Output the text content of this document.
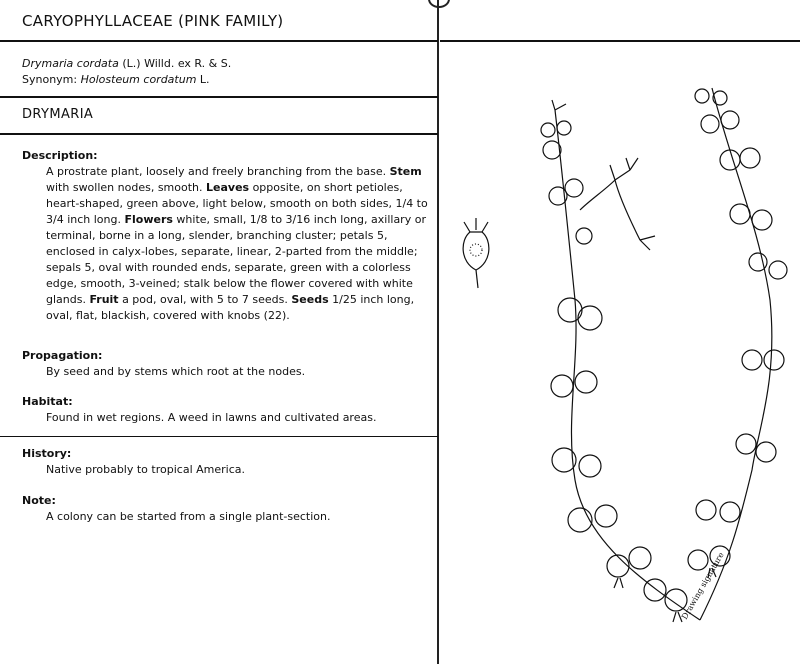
CARYOPHYLLACEAE (PINK FAMILY)
Drymaria cordata (L.) Willd. ex R. & S.
Synonym: Holosteum cordatum L.
DRYMARIA
Description:
A prostrate plant, loosely and freely branching from the base. Stem with swollen nodes, smooth. Leaves opposite, on short petioles, heart-shaped, green above, light below, smooth on both sides, 1/4 to 3/4 inch long. Flowers white, small, 1/8 to 3/16 inch long, axillary or terminal, borne in a long, slender, branching cluster; petals 5, enclosed in calyx-lobes, separate, linear, 2-parted from the middle; sepals 5, oval with rounded ends, separate, green with a colorless edge, smooth, 3-veined; stalk below the flower covered with white glands. Fruit a pod, oval, with 5 to 7 seeds. Seeds 1/25 inch long, oval, flat, blackish, covered with knobs (22).
Propagation:
By seed and by stems which root at the nodes.
Habitat:
Found in wet regions. A weed in lawns and cultivated areas.
History:
Native probably to tropical America.
Note:
A colony can be started from a single plant-section.
Drawing signature
